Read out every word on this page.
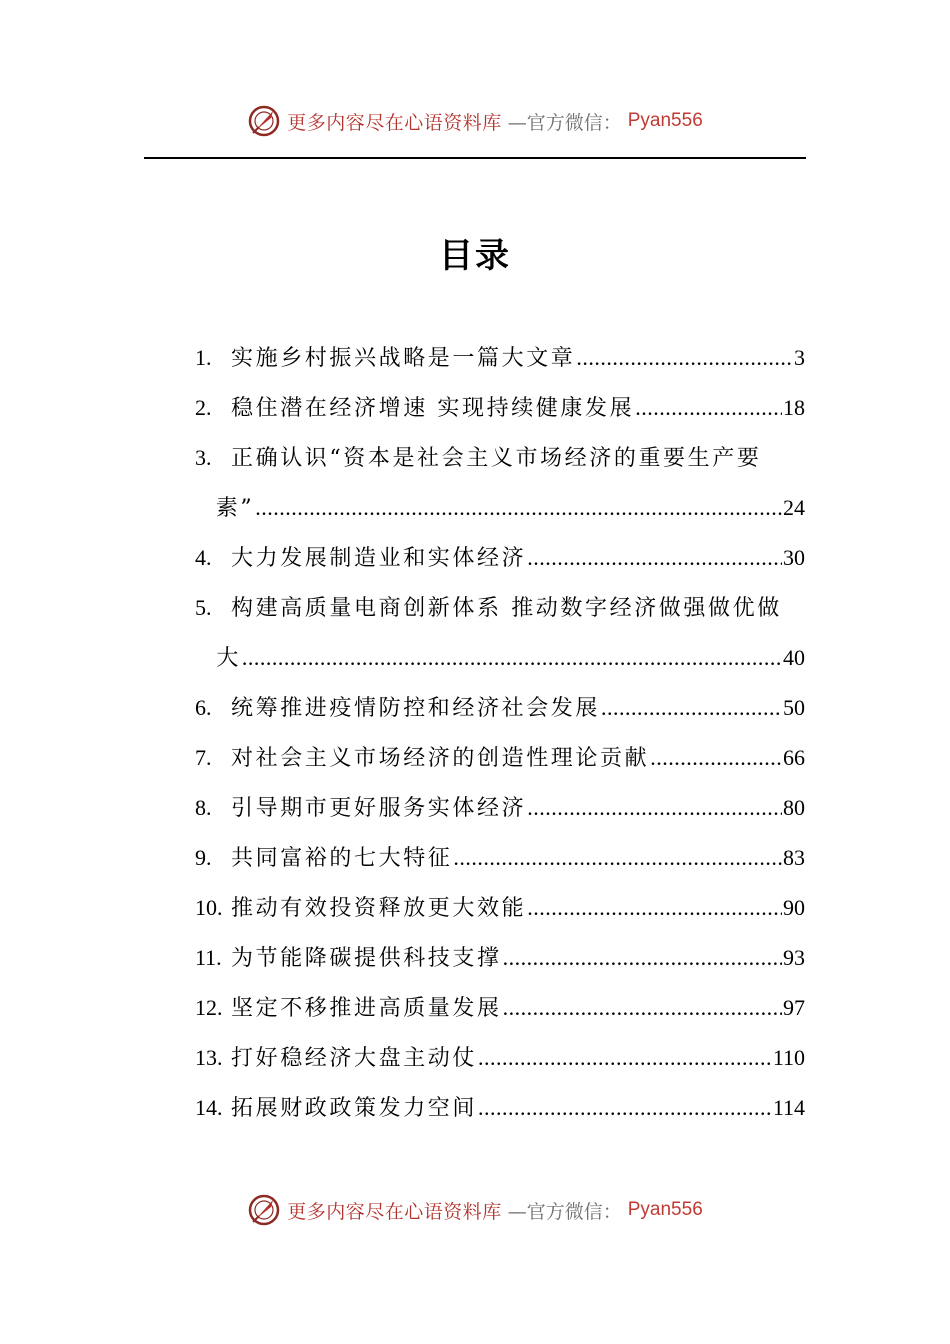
更多内容尽在心语资料库 —官方微信： Pyan556
目录
1. 实施乡村振兴战略是一篇大文章 .....	3
2. 稳住潜在经济增速 实现持续健康发展 .....	18
3. 正确认识“资本是社会主义市场经济的重要生产要
素” .....	24
4. 大力发展制造业和实体经济 .....	30
5. 构建高质量电商创新体系 推动数字经济做强做优做
大 .....	40
6. 统筹推进疫情防控和经济社会发展 .....	50
7. 对社会主义市场经济的创造性理论贡献 .....	66
8. 引导期市更好服务实体经济 .....	80
9. 共同富裕的七大特征 .....	83
10. 推动有效投资释放更大效能 .....	90
11. 为节能降碳提供科技支撑 .....	93
12. 坚定不移推进高质量发展 .....	97
13. 打好稳经济大盘主动仗 .....	110
14. 拓展财政政策发力空间 .....	114
更多内容尽在心语资料库 —官方微信： Pyan556
